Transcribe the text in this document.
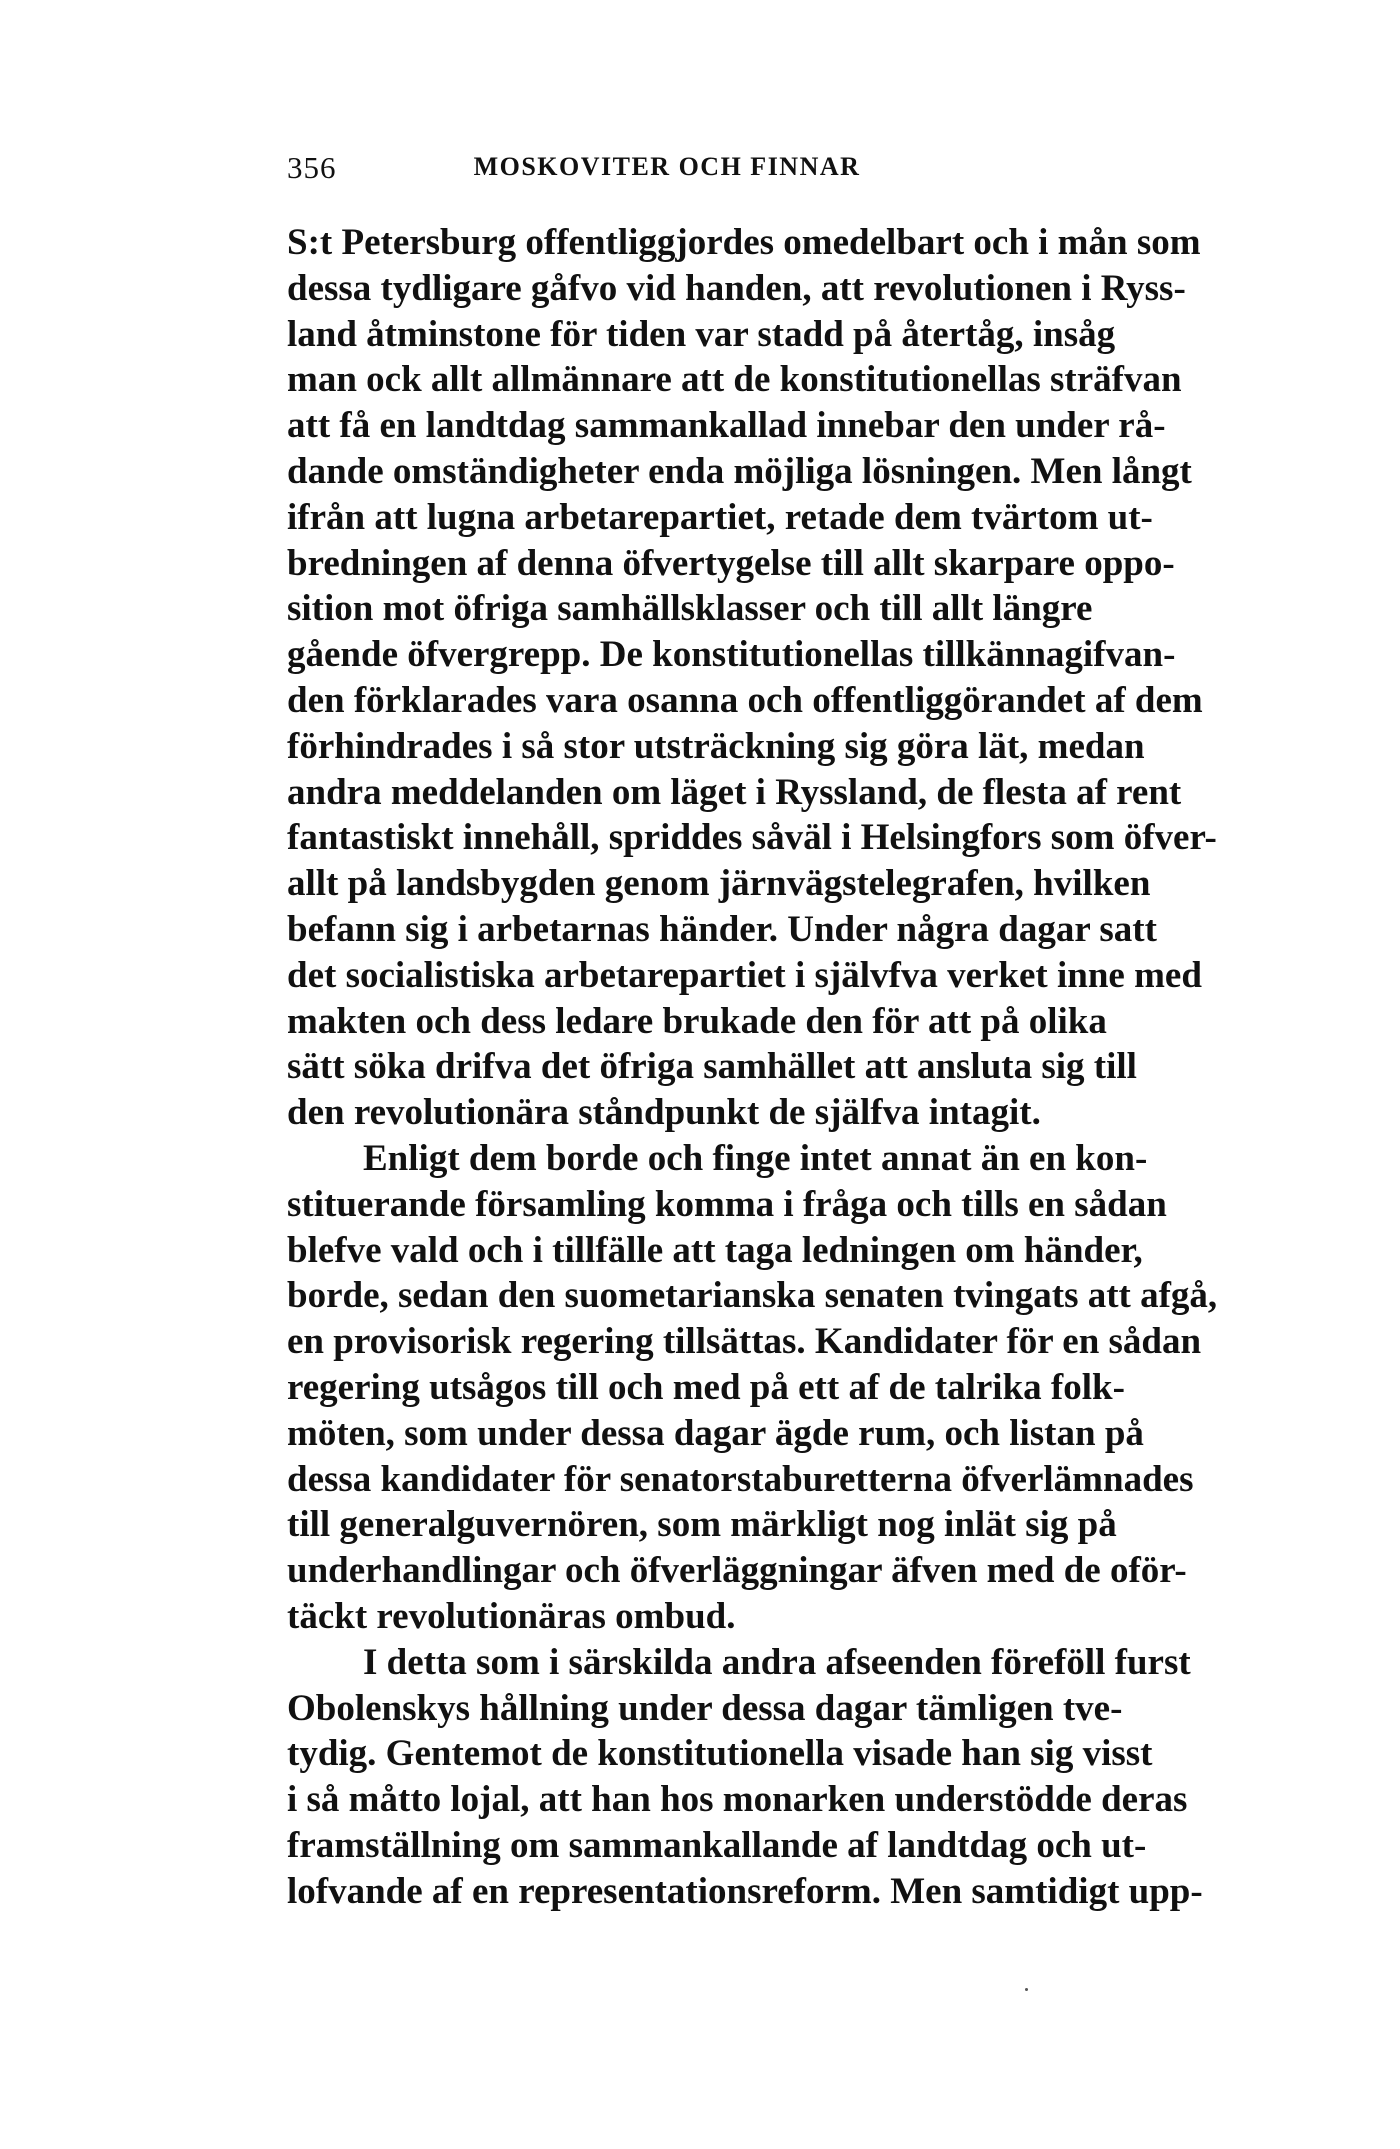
356	MOSKOVITER OCH FINNAR
S:t Petersburg offentliggjordes omedelbart och i mån som
dessa tydligare gåfvo vid handen, att revolutionen i Ryss-
land åtminstone för tiden var stadd på återtåg, insåg
man ock allt allmännare att de konstitutionellas sträfvan
att få en landtdag sammankallad innebar den under rå-
dande omständigheter enda möjliga lösningen. Men långt
ifrån att lugna arbetarepartiet, retade dem tvärtom ut-
bredningen af denna öfvertygelse till allt skarpare oppo-
sition mot öfriga samhällsklasser och till allt längre
gående öfvergrepp. De konstitutionellas tillkännagifvan-
den förklarades vara osanna och offentliggörandet af dem
förhindrades i så stor utsträckning sig göra lät, medan
andra meddelanden om läget i Ryssland, de flesta af rent
fantastiskt innehåll, spriddes såväl i Helsingfors som öfver-
allt på landsbygden genom järnvägstelegrafen, hvilken
befann sig i arbetarnas händer. Under några dagar satt
det socialistiska arbetarepartiet i självfva verket inne med
makten och dess ledare brukade den för att på olika
sätt söka drifva det öfriga samhället att ansluta sig till
den revolutionära ståndpunkt de själfva intagit.
Enligt dem borde och finge intet annat än en kon-
stituerande församling komma i fråga och tills en sådan
blefve vald och i tillfälle att taga ledningen om händer,
borde, sedan den suometarianska senaten tvingats att afgå,
en provisorisk regering tillsättas. Kandidater för en sådan
regering utsågos till och med på ett af de talrika folk-
möten, som under dessa dagar ägde rum, och listan på
dessa kandidater för senatorstaburetterna öfverlämnades
till generalguvernören, som märkligt nog inlät sig på
underhandlingar och öfverläggningar äfven med de oför-
täckt revolutionäras ombud.
I detta som i särskilda andra afseenden föreföll furst
Obolenskys hållning under dessa dagar tämligen tve-
tydig. Gentemot de konstitutionella visade han sig visst
i så måtto lojal, att han hos monarken understödde deras
framställning om sammankallande af landtdag och ut-
lofvande af en representationsreform. Men samtidigt upp-
